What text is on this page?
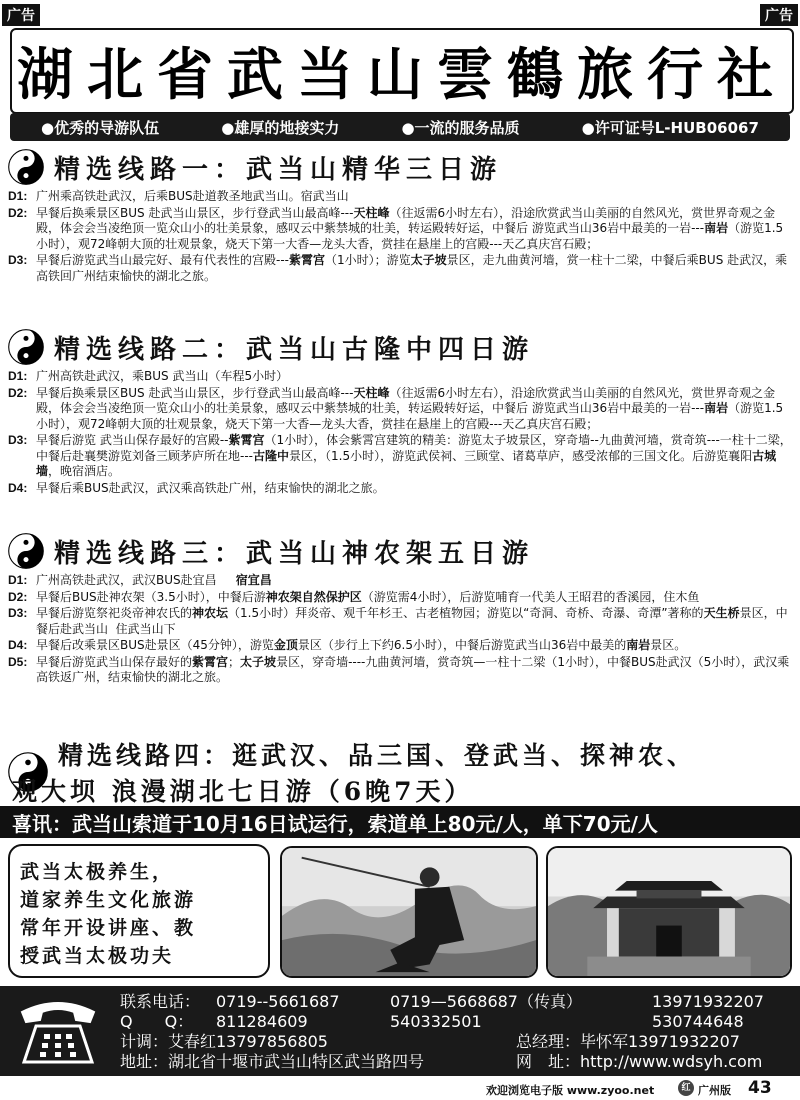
广告	广告
湖北省武当山雲鶴旅行社
●优秀的导游队伍	●雄厚的地接实力	●一流的服务品质	●许可证号L-HUB06067
精选线路一：武当山精华三日游
D1: 广州乘高铁赴武汉，后乘BUS赴道教圣地武当山。宿武当山
D2: 早餐后换乘景区BUS 赴武当山景区，步行登武当山最高峰---天柱峰（往返需6小时左右），沿途欣赏武当山美丽的自然风光，赏世界奇观之金殿，体会会当凌绝顶一览众山小的壮美景象，感叹云中紫禁城的壮美，转运殿转好运，中餐后 游览武当山36岩中最美的一岩---南岩（游览1.5小时），观72峰朝大顶的壮观景象，烧天下第一大香—龙头大香，赏挂在悬崖上的宫殿---天乙真庆宫石殿；
D3: 早餐后游览武当山最完好、最有代表性的宫殿---紫霄宫（1小时）；游览太子坡景区，走九曲黄河墙，赏一柱十二梁，中餐后乘BUS 赴武汉，乘高铁回广州结束愉快的湖北之旅。
精选线路二：武当山古隆中四日游
D1: 广州高铁赴武汉，乘BUS 武当山（车程5小时）
D2: 早餐后换乘景区BUS 赴武当山景区，步行登武当山最高峰---天柱峰（往返需6小时左右），沿途欣赏武当山美丽的自然风光，赏世界奇观之金殿，体会会当凌绝顶一览众山小的壮美景象，感叹云中紫禁城的壮美，转运殿转好运，中餐后 游览武当山36岩中最美的一岩---南岩（游览1.5小时），观72峰朝大顶的壮观景象，烧天下第一大香—龙头大香，赏挂在悬崖上的宫殿---天乙真庆宫石殿；
D3: 早餐后游览 武当山保存最好的宫殿--紫霄宫（1小时），体会紫霄宫建筑的精美：游览太子坡景区，穿奇墙--九曲黄河墙，赏奇筑---一柱十二梁，中餐后赴襄樊游览刘备三顾茅庐所在地---古隆中景区，（1.5小时），游览武侯祠、三顾堂、诸葛草庐，感受浓郁的三国文化。后游览襄阳古城墙，晚宿酒店。
D4: 早餐后乘BUS赴武汉，武汉乘高铁赴广州，结束愉快的湖北之旅。
精选线路三：武当山神农架五日游
D1: 广州高铁赴武汉，武汉BUS赴宜昌     宿宜昌
D2: 早餐后BUS赴神农架（3.5小时），中餐后游神农架自然保护区（游览需4小时），后游览哺育一代美人王昭君的香溪园，住木鱼
D3: 早餐后游览祭祀炎帝神农氏的神农坛（1.5小时）拜炎帝、观千年杉王、古老植物园；游览以“奇洞、奇桥、奇瀑、奇潭”著称的天生桥景区，中餐后赴武当山  住武当山下
D4: 早餐后改乘景区BUS赴景区（45分钟），游览金顶景区（步行上下约6.5小时），中餐后游览武当山36岩中最美的南岩景区。
D5: 早餐后游览武当山保存最好的紫霄宫；太子坡景区，穿奇墙----九曲黄河墙，赏奇筑—一柱十二梁（1小时），中餐BUS赴武汉（5小时），武汉乘高铁返广州，结束愉快的湖北之旅。
精选线路四：逛武汉、品三国、登武当、探神农、
观大坝 浪漫湖北七日游（6晚7天）
喜讯：武当山索道于10月16日试运行，索道单上80元/人，单下70元/人
武当太极养生，
道家养生文化旅游
常年开设讲座、教
授武当太极功夫
联系电话： 0719--5661687	0719—5668687（传真）	13971932207
Q　　Q： 811284609	540332501	530744648
计调：艾春红13797856805	总经理：毕怀军13971932207
地址：湖北省十堰市武当山特区武当路四号	网　址：http://www.wdsyh.com
欢迎浏览电子版 www.zyoo.net	红 广州版 43
